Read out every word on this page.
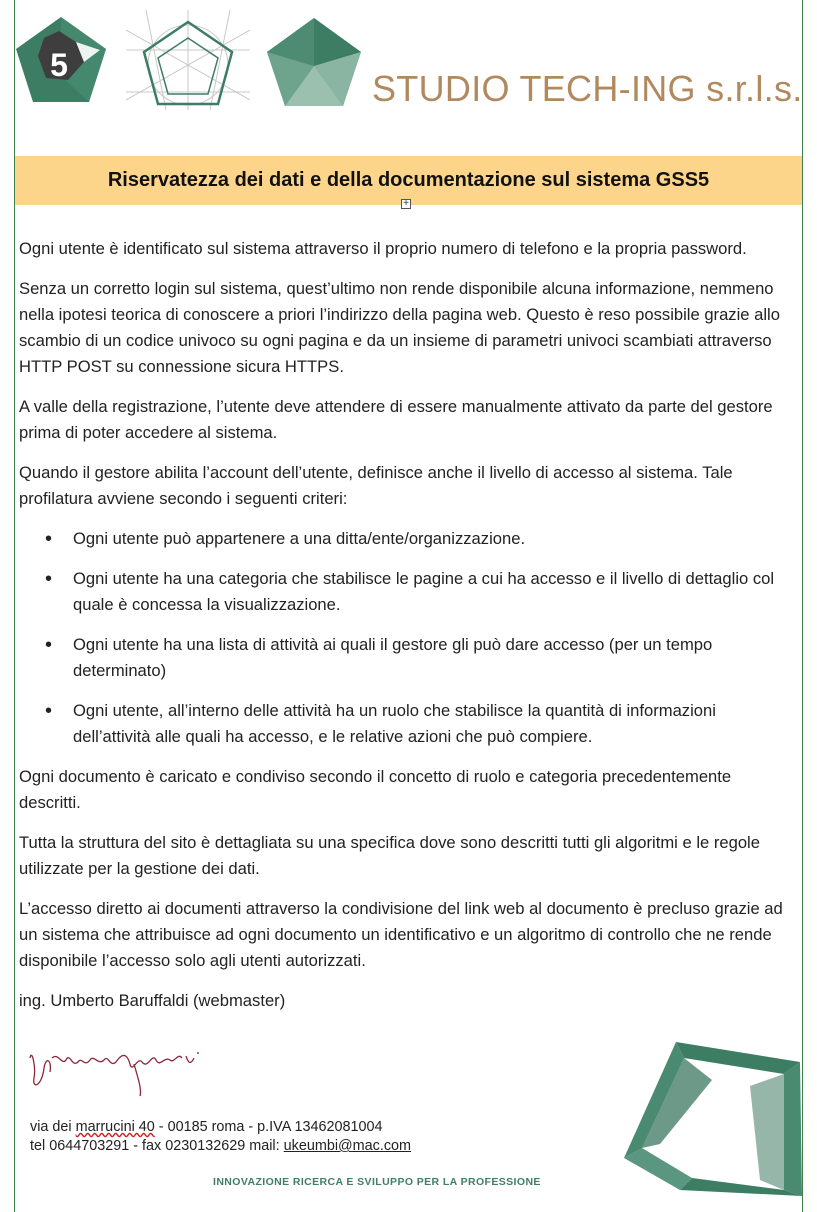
5
STUDIO TECH-ING s.r.l.s.
Riservatezza dei dati e della documentazione sul sistema GSS5
+

Ogni utente è identificato sul sistema attraverso il proprio numero di telefono e la propria password.

Senza un corretto login sul sistema, quest’ultimo non rende disponibile alcuna informazione, nemmeno nella ipotesi teorica di conoscere a priori l’indirizzo della pagina web. Questo è reso possibile grazie allo scambio di un codice univoco su ogni pagina e da un insieme di parametri univoci scambiati attraverso HTTP POST su connessione sicura HTTPS.

A valle della registrazione, l’utente deve attendere di essere manualmente attivato da parte del gestore prima di poter accedere al sistema.

Quando il gestore abilita l’account dell’utente, definisce anche il livello di accesso al sistema. Tale profilatura avviene secondo i seguenti criteri:

• Ogni utente può appartenere a una ditta/ente/organizzazione.
• Ogni utente ha una categoria che stabilisce le pagine a cui ha accesso e il livello di dettaglio col quale è concessa la visualizzazione.
• Ogni utente ha una lista di attività ai quali il gestore gli può dare accesso (per un tempo determinato)
• Ogni utente, all’interno delle attività ha un ruolo che stabilisce la quantità di informazioni dell’attività alle quali ha accesso, e le relative azioni che può compiere.

Ogni documento è caricato e condiviso secondo il concetto di ruolo e categoria precedentemente descritti.

Tutta la struttura del sito è dettagliata su una specifica dove sono descritti tutti gli algoritmi e le regole utilizzate per la gestione dei dati.

L’accesso diretto ai documenti attraverso la condivisione del link web al documento è precluso grazie ad un sistema che attribuisce ad ogni documento un identificativo e un algoritmo di controllo che ne rende disponibile l’accesso solo agli utenti autorizzati.

ing. Umberto Baruffaldi (webmaster)

via dei marrucini 40 - 00185 roma - p.IVA 13462081004
tel 0644703291 - fax 0230132629 mail: ukeumbi@mac.com
INNOVAZIONE RICERCA E SVILUPPO PER LA PROFESSIONE
